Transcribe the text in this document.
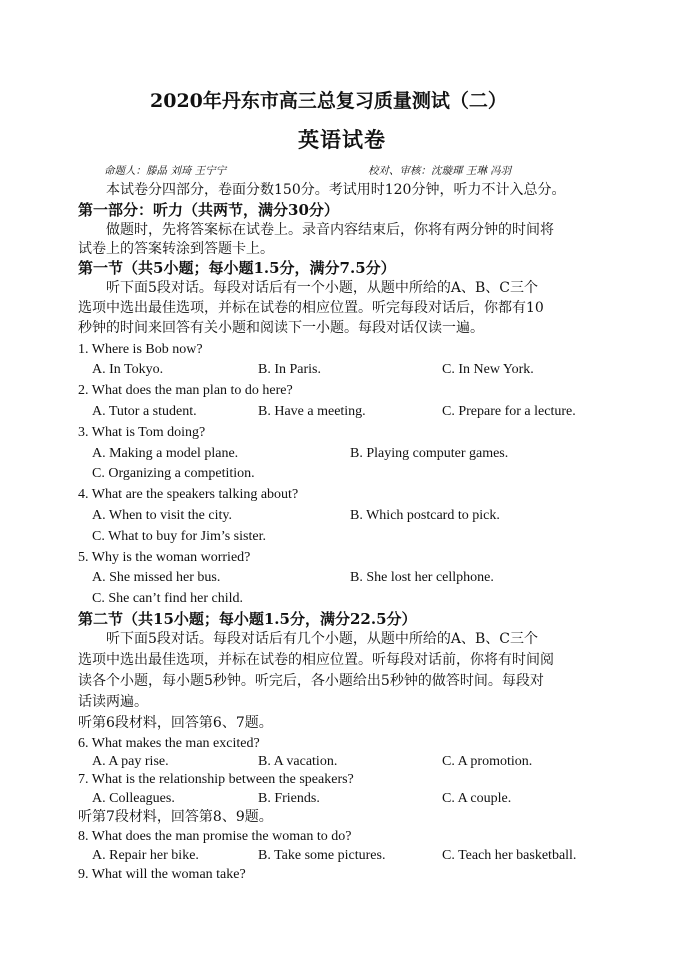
2020年丹东市高三总复习质量测试（二）
英语试卷
命题人：滕晶 刘琦 王宁宁	校对、审核：沈璇琿 王琳 冯羽
本试卷分四部分，卷面分数150分。考试用时120分钟，听力不计入总分。
第一部分：听力（共两节，满分30分）
做题时，先将答案标在试卷上。录音内容结束后，你将有两分钟的时间将
试卷上的答案转涂到答题卡上。
第一节（共5小题；每小题1.5分，满分7.5分）
听下面5段对话。每段对话后有一个小题，从题中所给的A、B、C三个
选项中选出最佳选项，并标在试卷的相应位置。听完每段对话后，你都有10
秒钟的时间来回答有关小题和阅读下一小题。每段对话仅读一遍。
1. Where is Bob now?
A. In Tokyo.	B. In Paris.	C. In New York.
2. What does the man plan to do here?
A. Tutor a student.	B. Have a meeting.	C. Prepare for a lecture.
3. What is Tom doing?
A. Making a model plane.	B. Playing computer games.
C. Organizing a competition.
4. What are the speakers talking about?
A. When to visit the city.	B. Which postcard to pick.
C. What to buy for Jim’s sister.
5. Why is the woman worried?
A. She missed her bus.	B. She lost her cellphone.
C. She can’t find her child.
第二节（共15小题；每小题1.5分，满分22.5分）
听下面5段对话。每段对话后有几个小题，从题中所给的A、B、C三个
选项中选出最佳选项，并标在试卷的相应位置。听每段对话前，你将有时间阅
读各个小题，每小题5秒钟。听完后，各小题给出5秒钟的做答时间。每段对
话读两遍。
听第6段材料，回答第6、7题。
6. What makes the man excited?
A. A pay rise.	B. A vacation.	C. A promotion.
7. What is the relationship between the speakers?
A. Colleagues.	B. Friends.	C. A couple.
听第7段材料，回答第8、9题。
8. What does the man promise the woman to do?
A. Repair her bike.	B. Take some pictures.	C. Teach her basketball.
9. What will the woman take?
